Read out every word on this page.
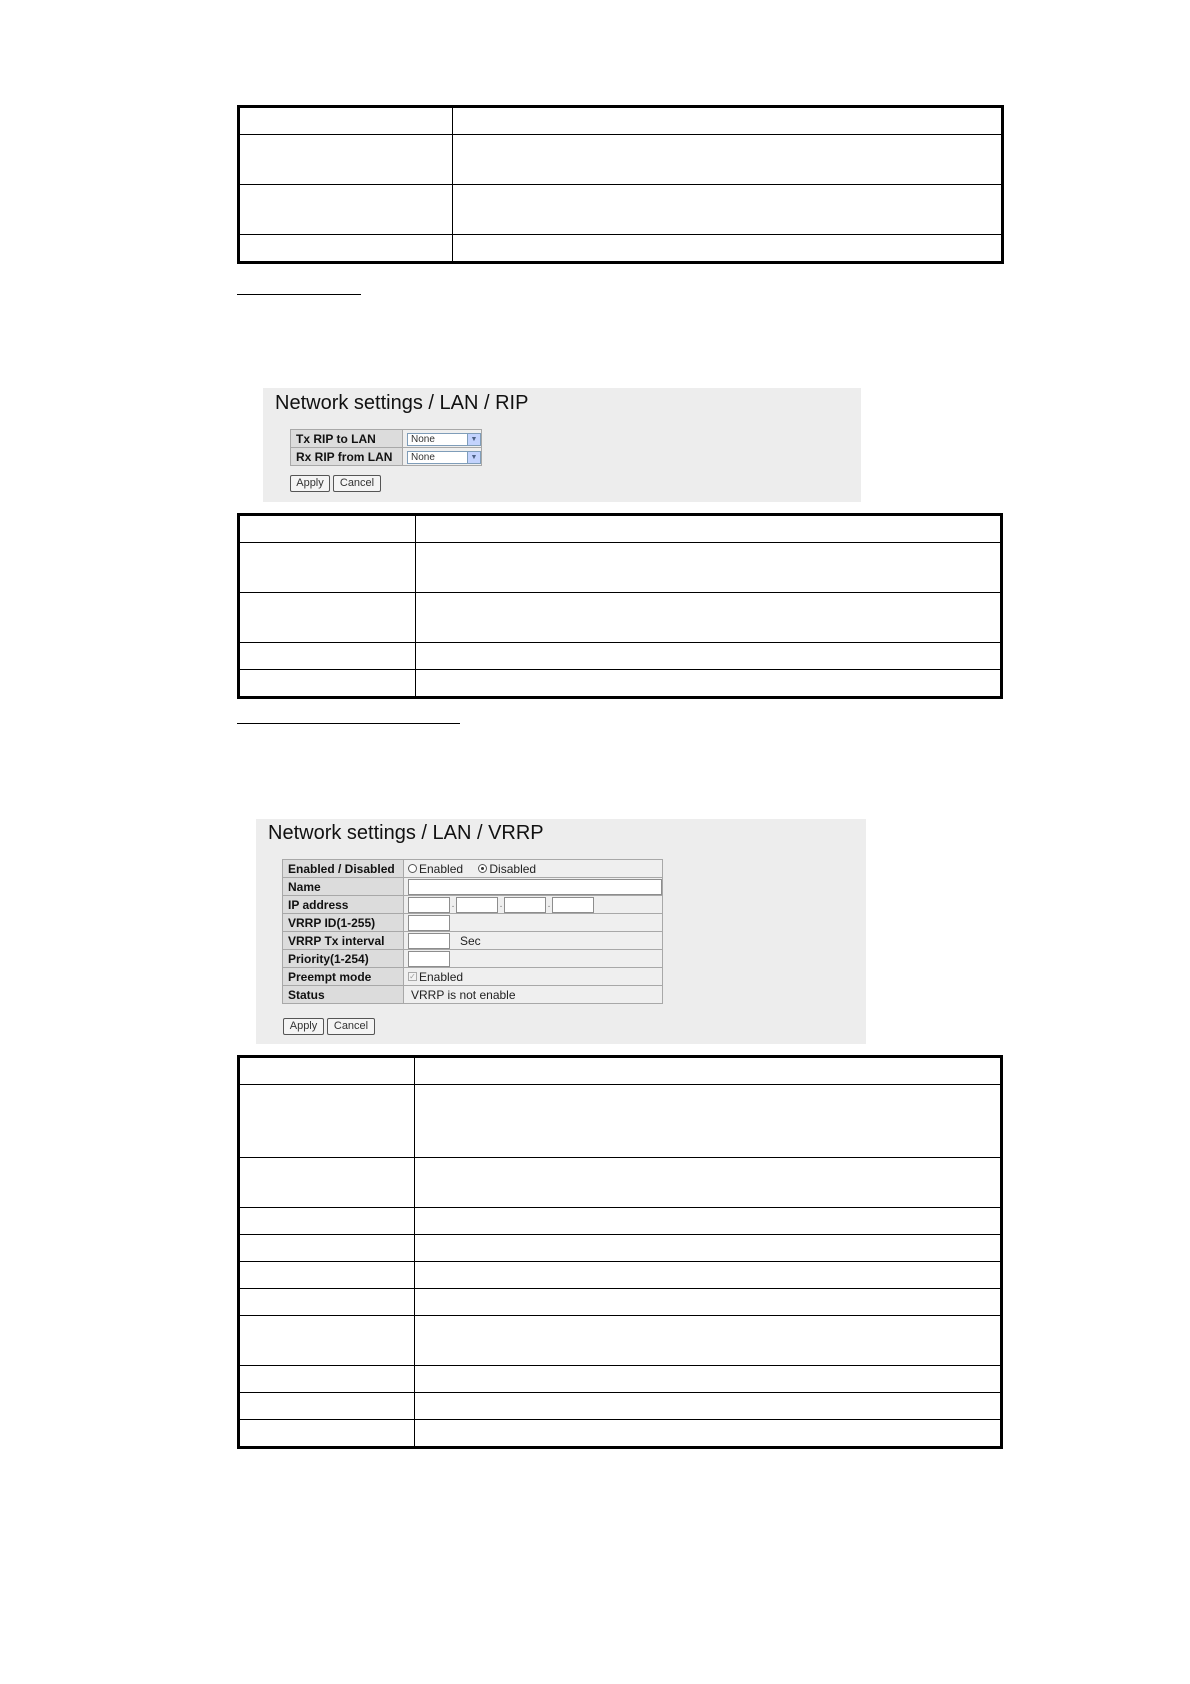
Network settings / LAN / RIP
Tx RIP to LAN	None ▼

Rx RIP from LAN	None ▼
Apply	Cancel

Network settings / LAN / VRRP
Enabled / Disabled	Enabled Disabled
Name	
IP address	. . .
VRRP ID(1-255)	
VRRP Tx interval	Sec
Priority(1-254)	
Preempt mode	✓ Enabled
Status	VRRP is not enable
Apply	Cancel
